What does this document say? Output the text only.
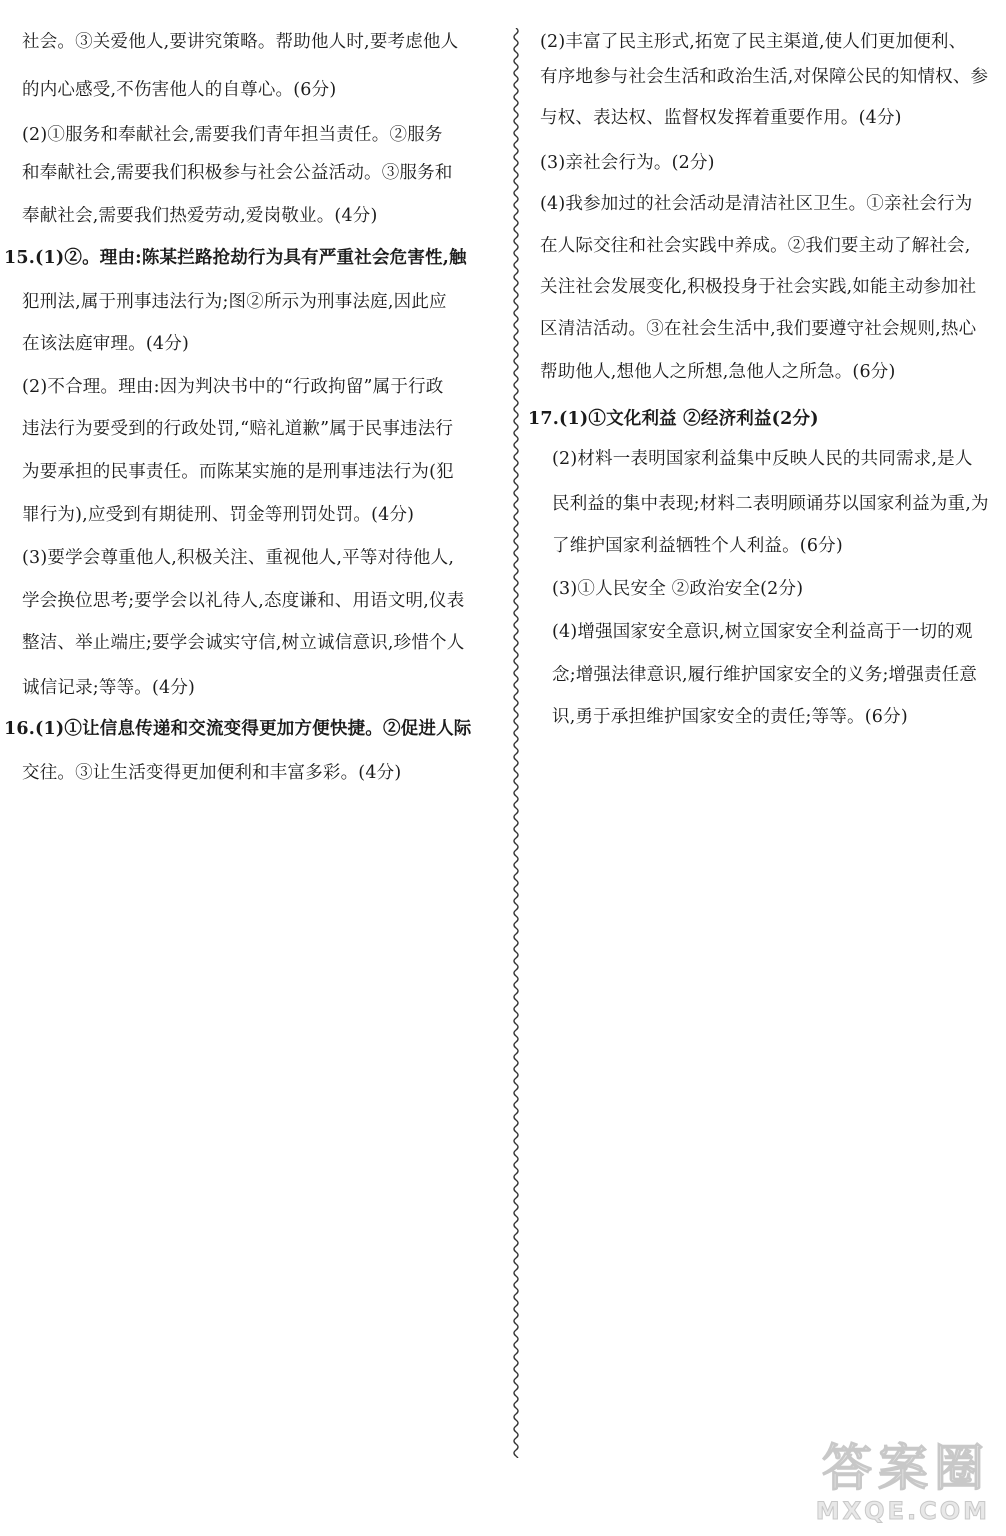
社会。③关爱他人,要讲究策略。帮助他人时,要考虑他人
的内心感受,不伤害他人的自尊心。(6分)
(2)①服务和奉献社会,需要我们青年担当责任。②服务
和奉献社会,需要我们积极参与社会公益活动。③服务和
奉献社会,需要我们热爱劳动,爱岗敬业。(4分)
15.(1)②。理由:陈某拦路抢劫行为具有严重社会危害性,触
犯刑法,属于刑事违法行为;图②所示为刑事法庭,因此应
在该法庭审理。(4分)
(2)不合理。理由:因为判决书中的“行政拘留”属于行政
违法行为要受到的行政处罚,“赔礼道歉”属于民事违法行
为要承担的民事责任。而陈某实施的是刑事违法行为(犯
罪行为),应受到有期徒刑、罚金等刑罚处罚。(4分)
(3)要学会尊重他人,积极关注、重视他人,平等对待他人,
学会换位思考;要学会以礼待人,态度谦和、用语文明,仪表
整洁、举止端庄;要学会诚实守信,树立诚信意识,珍惜个人
诚信记录;等等。(4分)
16.(1)①让信息传递和交流变得更加方便快捷。②促进人际
交往。③让生活变得更加便利和丰富多彩。(4分)
(2)丰富了民主形式,拓宽了民主渠道,使人们更加便利、
有序地参与社会生活和政治生活,对保障公民的知情权、参
与权、表达权、监督权发挥着重要作用。(4分)
(3)亲社会行为。(2分)
(4)我参加过的社会活动是清洁社区卫生。①亲社会行为
在人际交往和社会实践中养成。②我们要主动了解社会,
关注社会发展变化,积极投身于社会实践,如能主动参加社
区清洁活动。③在社会生活中,我们要遵守社会规则,热心
帮助他人,想他人之所想,急他人之所急。(6分)
17.(1)①文化利益 ②经济利益(2分)
(2)材料一表明国家利益集中反映人民的共同需求,是人
民利益的集中表现;材料二表明顾诵芬以国家利益为重,为
了维护国家利益牺牲个人利益。(6分)
(3)①人民安全 ②政治安全(2分)
(4)增强国家安全意识,树立国家安全利益高于一切的观
念;增强法律意识,履行维护国家安全的义务;增强责任意
识,勇于承担维护国家安全的责任;等等。(6分)
答案圈
MXQE.COM
